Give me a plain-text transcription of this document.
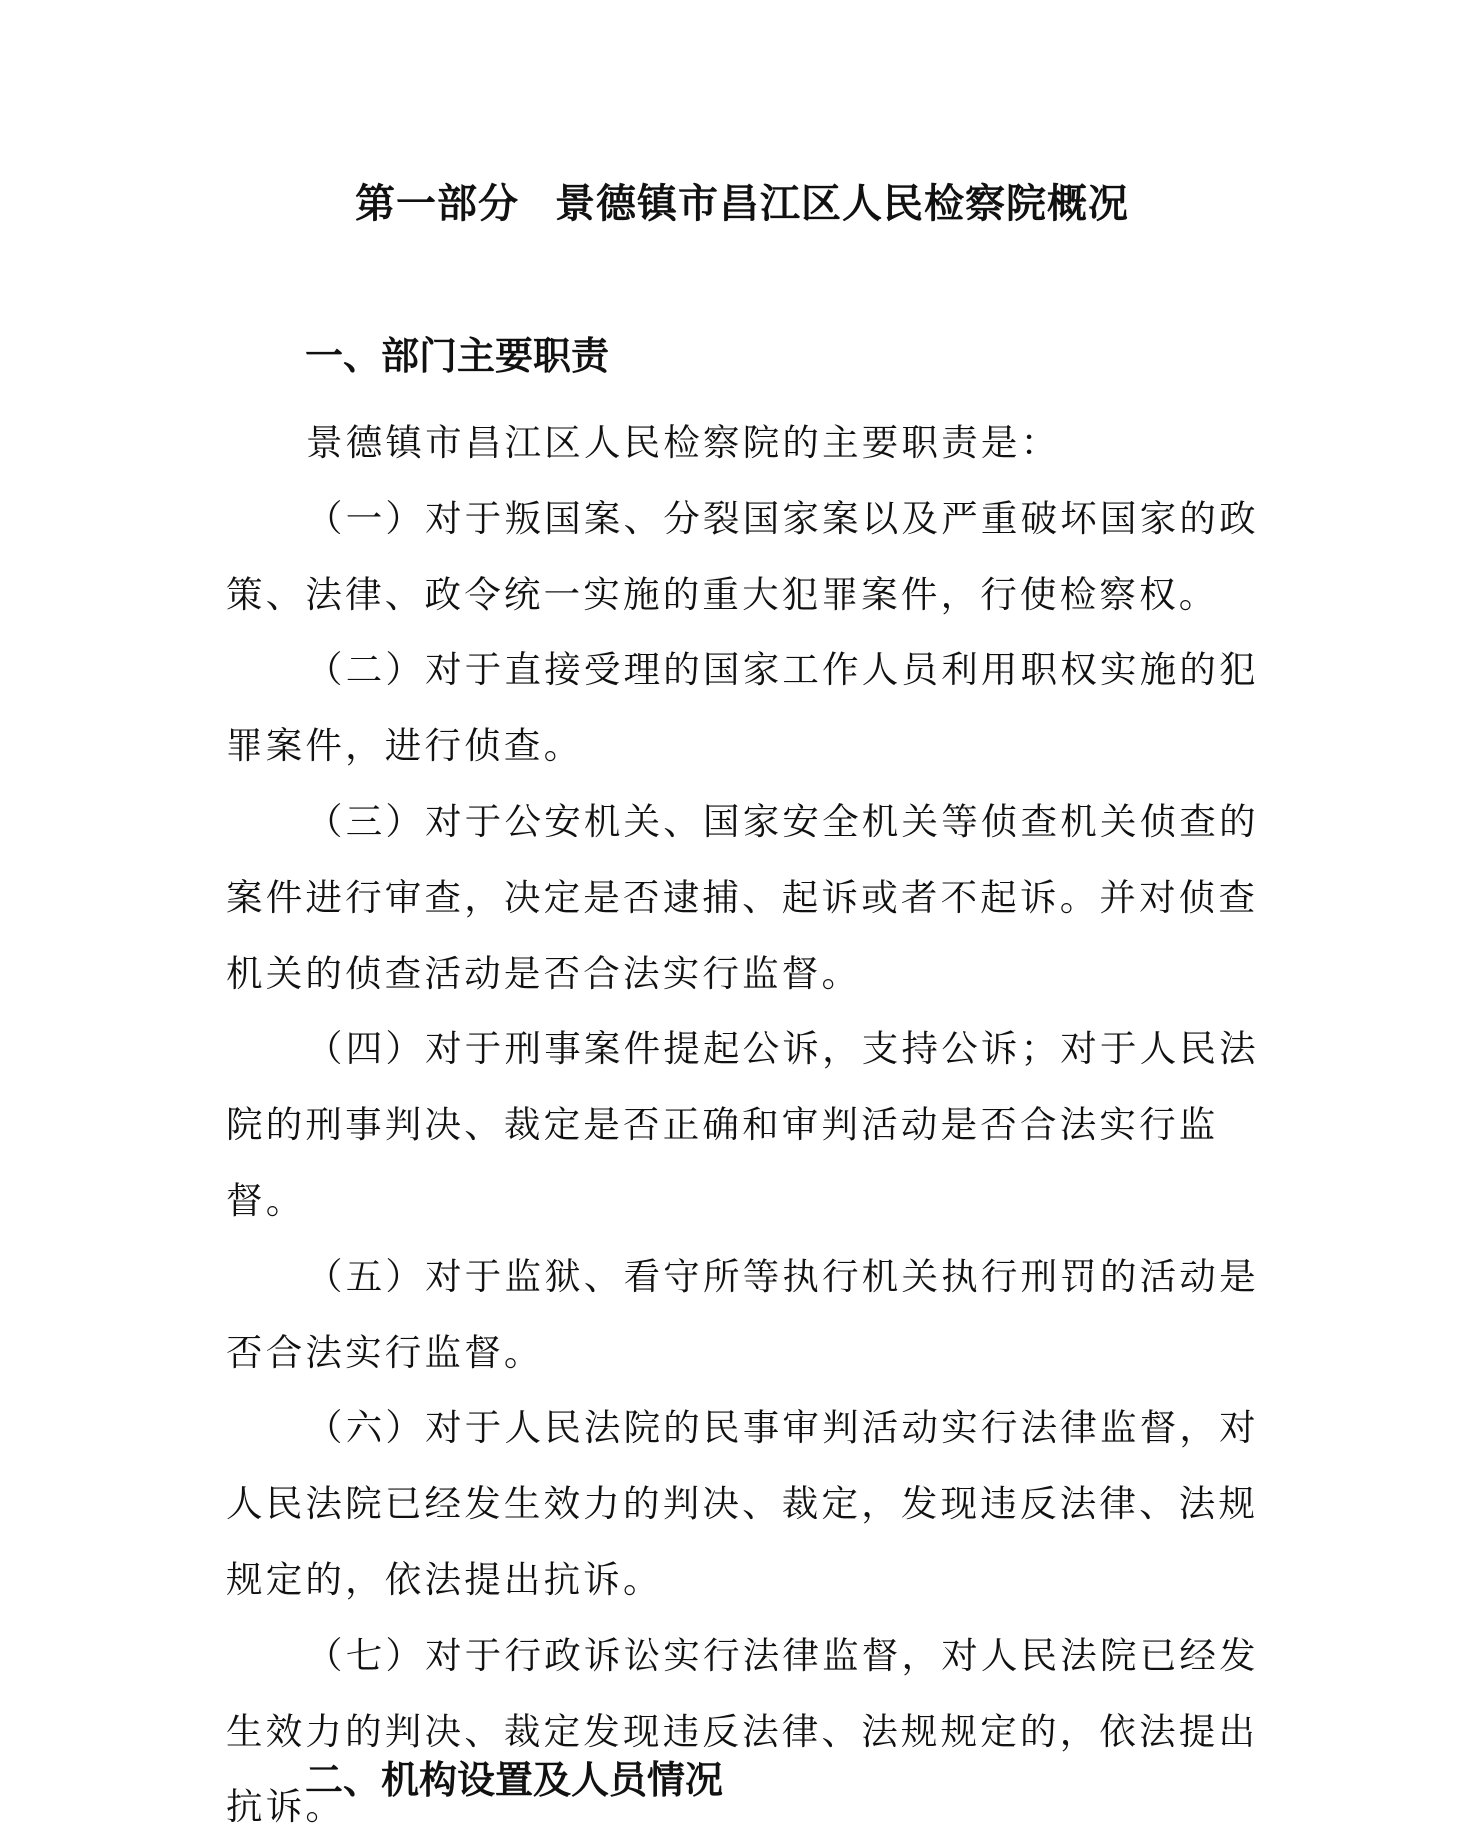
第一部分 景德镇市昌江区人民检察院概况
一、部门主要职责

景德镇市昌江区人民检察院的主要职责是：

（一）对于叛国案、分裂国家案以及严重破坏国家的政策、法律、政令统一实施的重大犯罪案件，行使检察权。

（二）对于直接受理的国家工作人员利用职权实施的犯罪案件，进行侦查。

（三）对于公安机关、国家安全机关等侦查机关侦查的案件进行审查，决定是否逮捕、起诉或者不起诉。并对侦查机关的侦查活动是否合法实行监督。

（四）对于刑事案件提起公诉，支持公诉；对于人民法院的刑事判决、裁定是否正确和审判活动是否合法实行监督。

（五）对于监狱、看守所等执行机关执行刑罚的活动是否合法实行监督。

（六）对于人民法院的民事审判活动实行法律监督，对人民法院已经发生效力的判决、裁定，发现违反法律、法规规定的，依法提出抗诉。

（七）对于行政诉讼实行法律监督，对人民法院已经发生效力的判决、裁定发现违反法律、法规规定的，依法提出抗诉。

二、机构设置及人员情况
